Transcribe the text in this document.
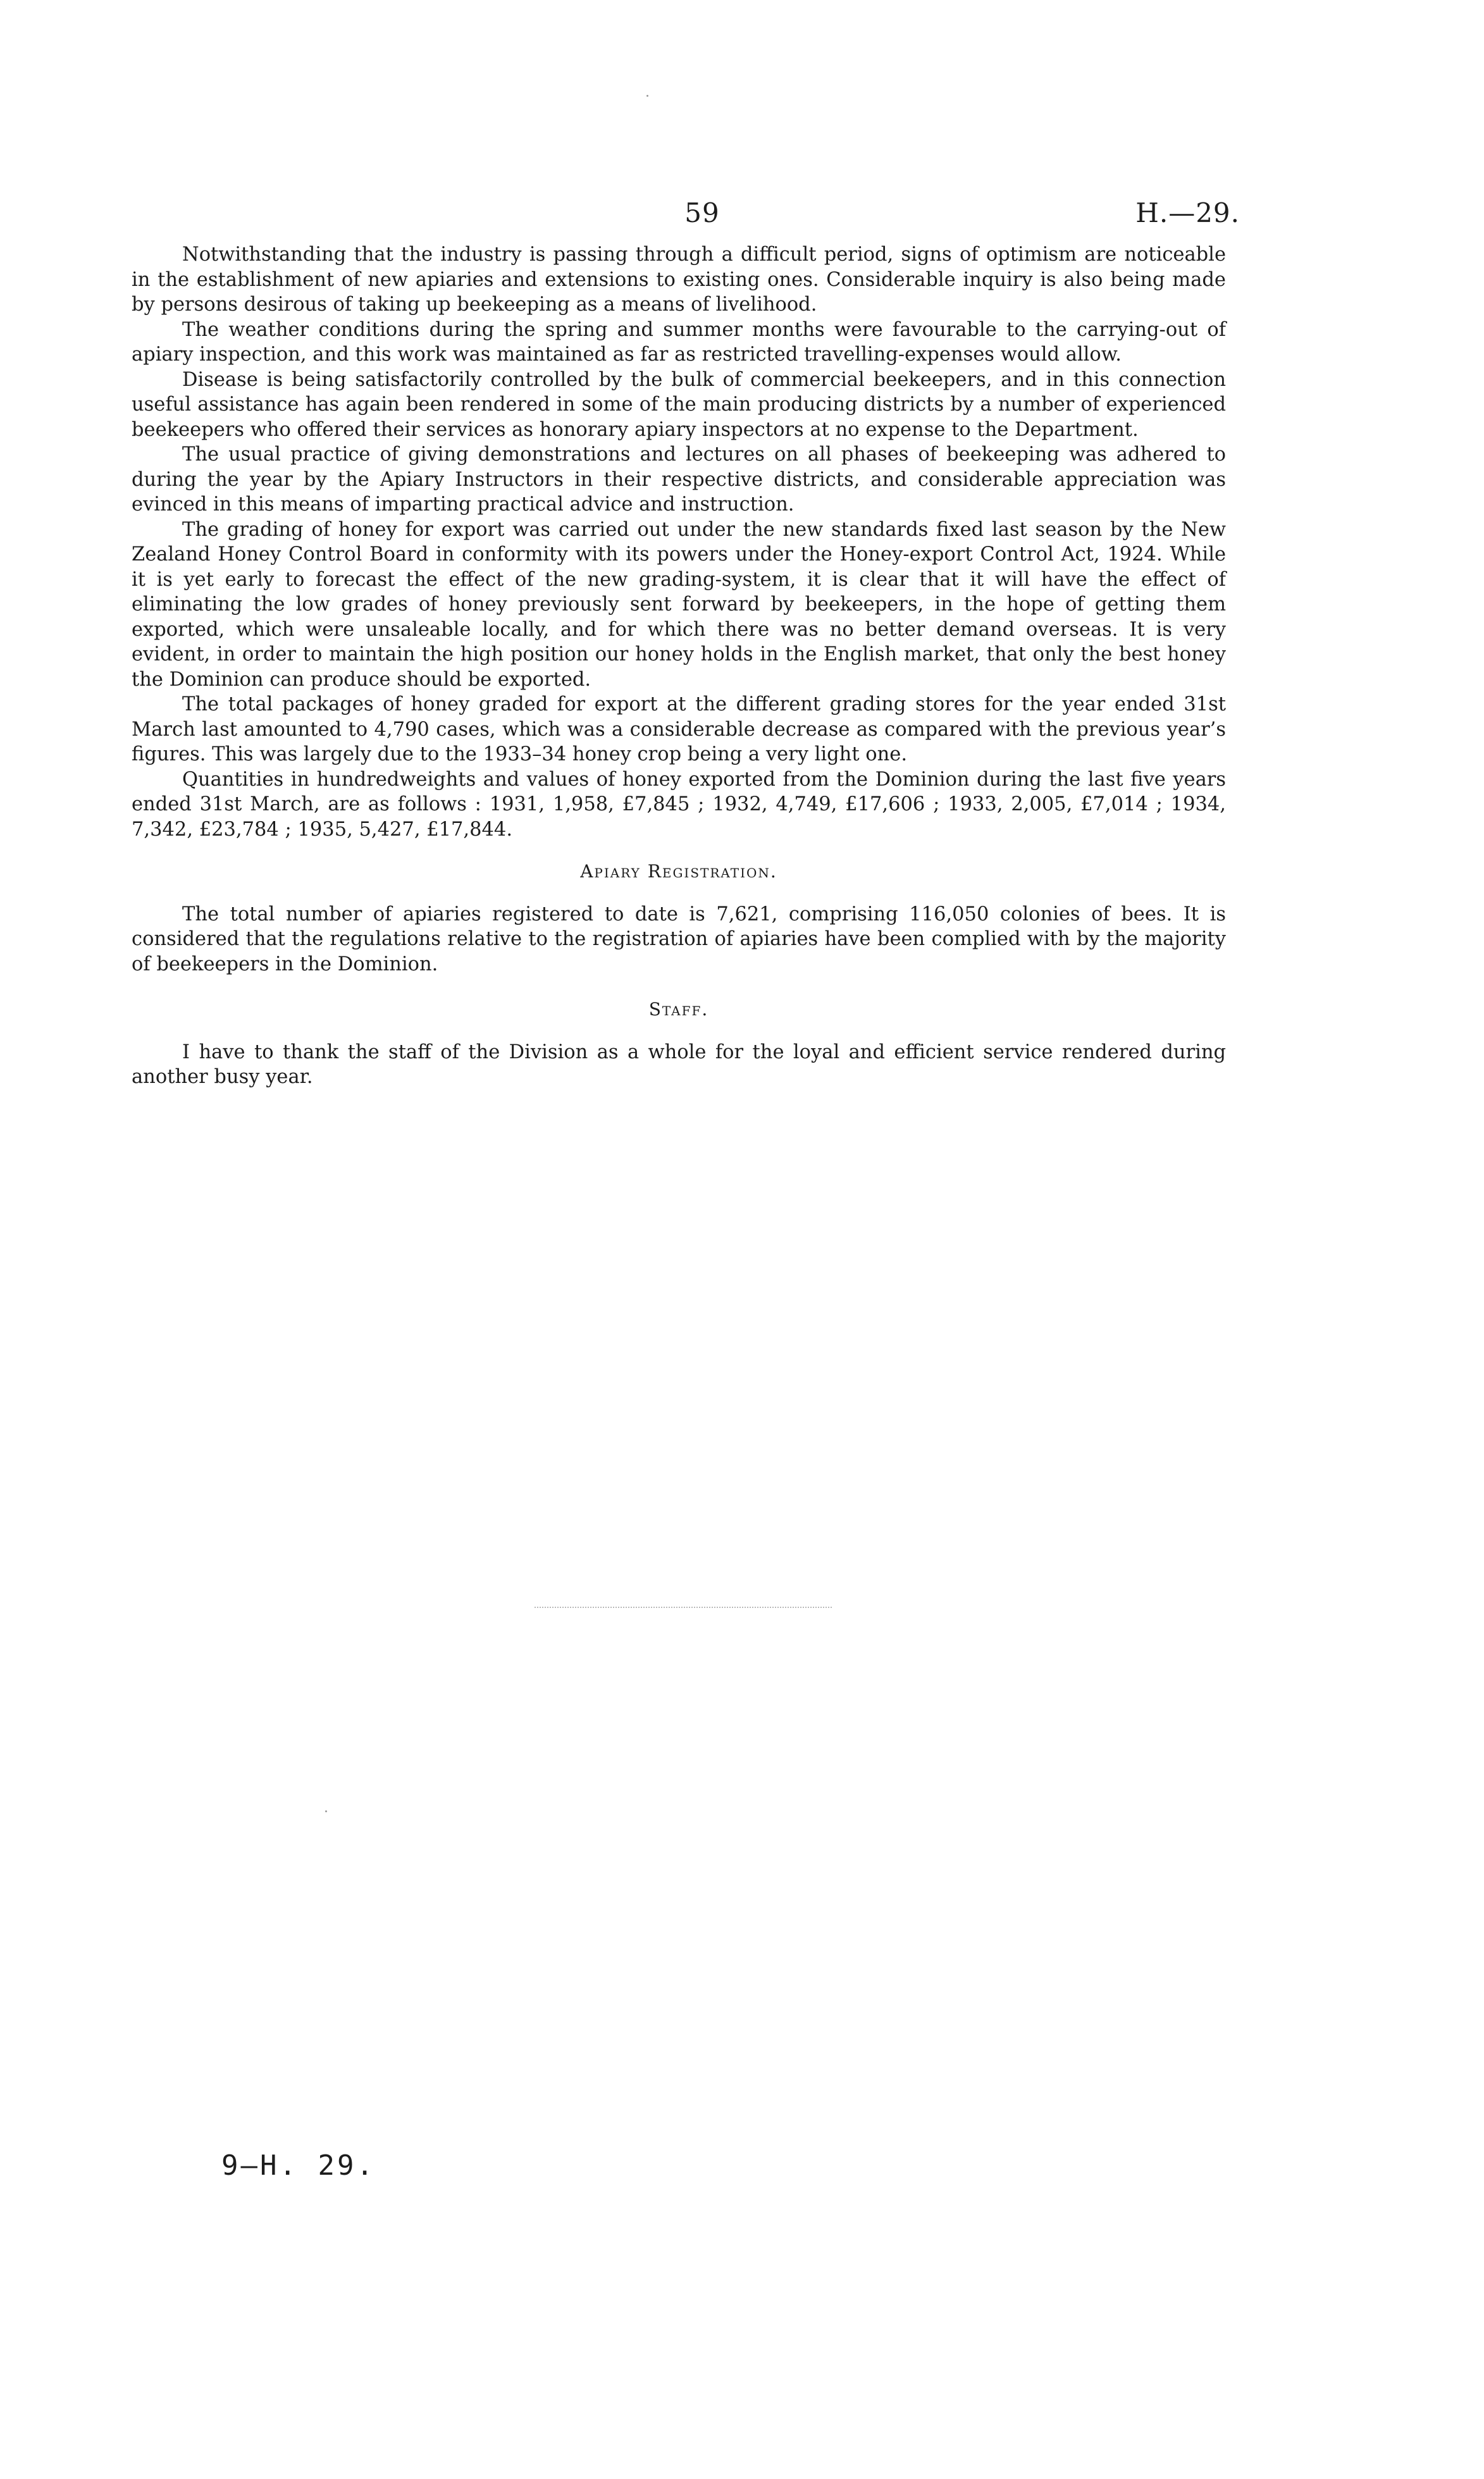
59	H.—29.

Notwithstanding that the industry is passing through a difficult period, signs of optimism are noticeable in the establishment of new apiaries and extensions to existing ones. Considerable inquiry is also being made by persons desirous of taking up beekeeping as a means of livelihood.

The weather conditions during the spring and summer months were favourable to the carrying-out of apiary inspection, and this work was maintained as far as restricted travelling-expenses would allow.

Disease is being satisfactorily controlled by the bulk of commercial beekeepers, and in this connection useful assistance has again been rendered in some of the main producing districts by a number of experienced beekeepers who offered their services as honorary apiary inspectors at no expense to the Department.

The usual practice of giving demonstrations and lectures on all phases of beekeeping was adhered to during the year by the Apiary Instructors in their respective districts, and considerable appreciation was evinced in this means of imparting practical advice and instruction.

The grading of honey for export was carried out under the new standards fixed last season by the New Zealand Honey Control Board in conformity with its powers under the Honey-export Control Act, 1924. While it is yet early to forecast the effect of the new grading-system, it is clear that it will have the effect of eliminating the low grades of honey previously sent forward by beekeepers, in the hope of getting them exported, which were unsaleable locally, and for which there was no better demand overseas. It is very evident, in order to maintain the high position our honey holds in the English market, that only the best honey the Dominion can produce should be exported.

The total packages of honey graded for export at the different grading stores for the year ended 31st March last amounted to 4,790 cases, which was a considerable decrease as compared with the previous year’s figures. This was largely due to the 1933–34 honey crop being a very light one.

Quantities in hundredweights and values of honey exported from the Dominion during the last five years ended 31st March, are as follows : 1931, 1,958, £7,845 ; 1932, 4,749, £17,606 ; 1933, 2,005, £7,014 ; 1934, 7,342, £23,784 ; 1935, 5,427, £17,844.

Apiary Registration.

The total number of apiaries registered to date is 7,621, comprising 116,050 colonies of bees. It is considered that the regulations relative to the registration of apiaries have been complied with by the majority of beekeepers in the Dominion.

Staff.

I have to thank the staff of the Division as a whole for the loyal and efficient service rendered during another busy year.

9—H. 29.
